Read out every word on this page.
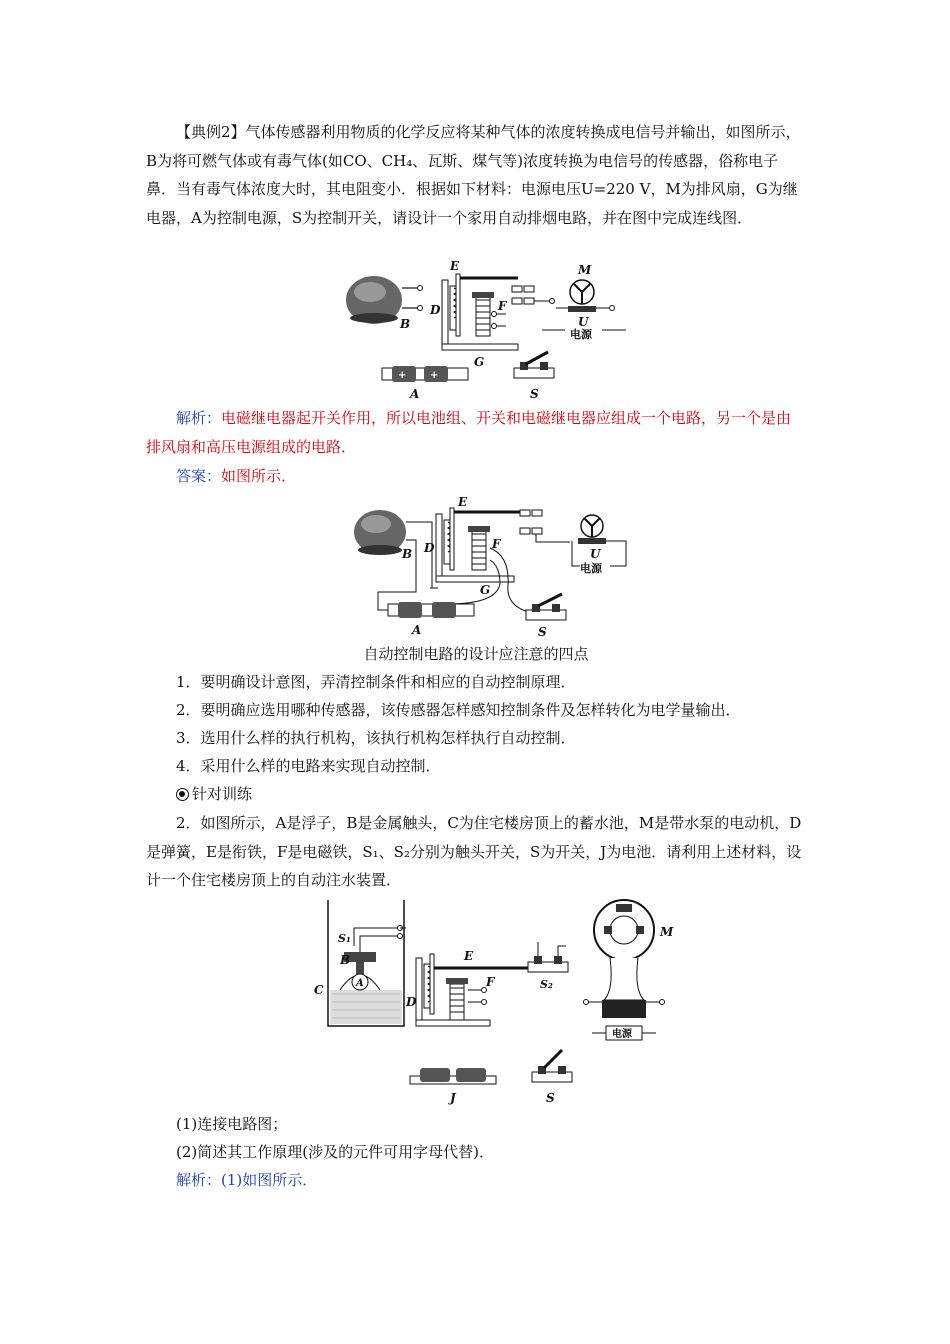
【典例2】气体传感器利用物质的化学反应将某种气体的浓度转换成电信号并输出，如图所示，B为将可燃气体或有毒气体(如CO、CH₄、瓦斯、煤气等)浓度转换为电信号的传感器，俗称电子鼻．当有毒气体浓度大时，其电阻变小．根据如下材料：电源电压U=220 V，M为排风扇，G为继电器，A为控制电源，S为控制开关，请设计一个家用自动排烟电路，并在图中完成连线图．

B
E
D	F
G
M
U
电源
+ +
A	S

解析：电磁继电器起开关作用，所以电池组、开关和电磁继电器应组成一个电路，另一个是由排风扇和高压电源组成的电路．

答案：如图所示．

B
E
D	F
G
U
电源
A	S
自动控制电路的设计应注意的四点
1．要明确设计意图，弄清控制条件和相应的自动控制原理．
2．要明确应选用哪种传感器，该传感器怎样感知控制条件及怎样转化为电学量输出．
3．选用什么样的执行机构，该执行机构怎样执行自动控制．
4．采用什么样的电路来实现自动控制．
针对训练

2．如图所示，A是浮子，B是金属触头，C为住宅楼房顶上的蓄水池，M是带水泵的电动机，D是弹簧，E是衔铁，F是电磁铁，S₁、S₂分别为触头开关，S为开关，J为电池．请利用上述材料，设计一个住宅楼房顶上的自动注水装置．

C	A
B
S₁
E
D
F	S₂
M
电源
J	S
(1)连接电路图；
(2)简述其工作原理(涉及的元件可用字母代替)．
解析：(1)如图所示．
